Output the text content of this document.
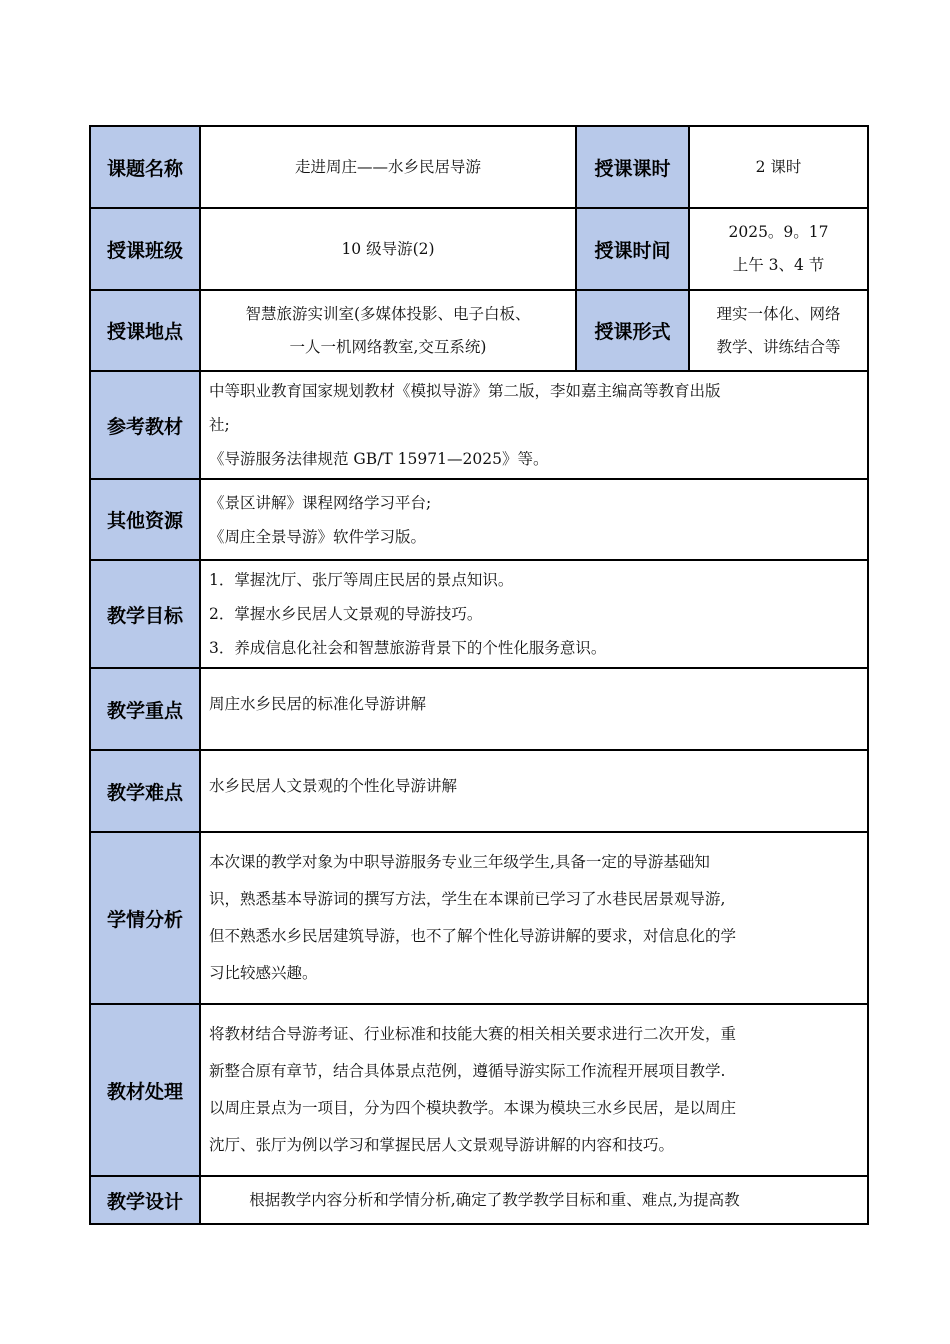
课题名称	走进周庄——水乡民居导游	授课课时	2 课时
授课班级	10 级导游(2)	授课时间	2025。9。17
上午 3、4 节

授课地点	智慧旅游实训室(多媒体投影、电子白板、
一人一机网络教室,交互系统)	授课形式	理实一体化、网络
教学、讲练结合等

参考教材	中等职业教育国家规划教材《模拟导游》第二版，李如嘉主编高等教育出版

社;

《导游服务法律规范 GB/T 15971—2025》等。		

其他资源	《景区讲解》课程网络学习平台;

《周庄全景导游》软件学习版。		

教学目标	1．掌握沈厅、张厅等周庄民居的景点知识。

2．掌握水乡民居人文景观的导游技巧。

3．养成信息化社会和智慧旅游背景下的个性化服务意识。		

教学重点	周庄水乡民居的标准化导游讲解		
教学难点	水乡民居人文景观的个性化导游讲解		
学情分析	本次课的教学对象为中职导游服务专业三年级学生,具备一定的导游基础知

识，熟悉基本导游词的撰写方法，学生在本课前已学习了水巷民居景观导游,

但不熟悉水乡民居建筑导游，也不了解个性化导游讲解的要求，对信息化的学

习比较感兴趣。		

教材处理	将教材结合导游考证、行业标准和技能大赛的相关相关要求进行二次开发，重

新整合原有章节，结合具体景点范例，遵循导游实际工作流程开展项目教学.

以周庄景点为一项目，分为四个模块教学。本课为模块三水乡民居，是以周庄

沈厅、张厅为例以学习和掌握民居人文景观导游讲解的内容和技巧。		

教学设计	根据教学内容分析和学情分析,确定了教学教学目标和重、难点,为提高教		
